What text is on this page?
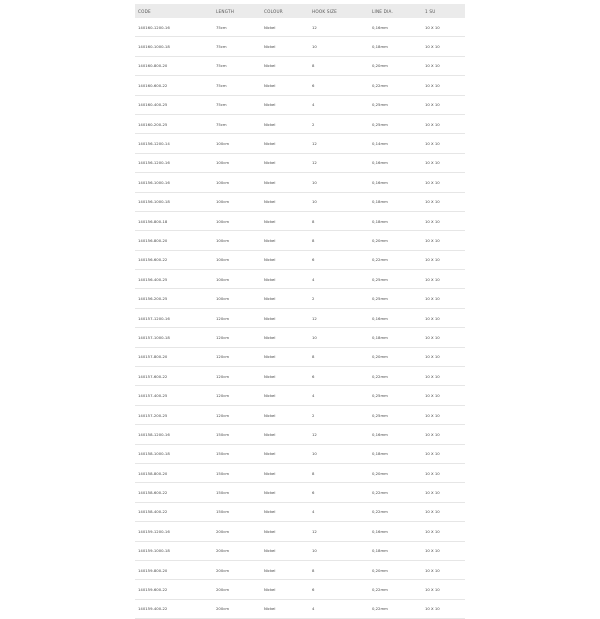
CODE	LENGTH	COLOUR	HOOK SIZE	LINE DIA.	1 SU
140160-1200-16	75cm	Nickel	12	0,16mm	10 X 10
140160-1000-18	75cm	Nickel	10	0,18mm	10 X 10
140160-800-20	75cm	Nickel	8	0,20mm	10 X 10
140160-600-22	75cm	Nickel	6	0,22mm	10 X 10
140160-400-25	75cm	Nickel	4	0,25mm	10 X 10
140160-200-25	75cm	Nickel	2	0,25mm	10 X 10
140156-1200-14	100cm	Nickel	12	0,14mm	10 X 10
140156-1200-16	100cm	Nickel	12	0,16mm	10 X 10
140156-1000-16	100cm	Nickel	10	0,16mm	10 X 10
140156-1000-18	100cm	Nickel	10	0,18mm	10 X 10
140156-800-18	100cm	Nickel	8	0,18mm	10 X 10
140156-800-20	100cm	Nickel	8	0,20mm	10 X 10
140156-600-22	100cm	Nickel	6	0,22mm	10 X 10
140156-400-25	100cm	Nickel	4	0,25mm	10 X 10
140156-200-25	100cm	Nickel	2	0,25mm	10 X 10
140157-1200-16	120cm	Nickel	12	0,16mm	10 X 10
140157-1000-18	120cm	Nickel	10	0,18mm	10 X 10
140157-800-20	120cm	Nickel	8	0,20mm	10 X 10
140157-600-22	120cm	Nickel	6	0,22mm	10 X 10
140157-400-25	120cm	Nickel	4	0,25mm	10 X 10
140157-200-25	120cm	Nickel	2	0,25mm	10 X 10
140158-1200-16	150cm	Nickel	12	0,16mm	10 X 10
140158-1000-18	150cm	Nickel	10	0,18mm	10 X 10
140158-800-20	150cm	Nickel	8	0,20mm	10 X 10
140158-600-22	150cm	Nickel	6	0,22mm	10 X 10
140158-400-22	150cm	Nickel	4	0,22mm	10 X 10
140159-1200-16	200cm	Nickel	12	0,16mm	10 X 10
140159-1000-18	200cm	Nickel	10	0,18mm	10 X 10
140159-800-20	200cm	Nickel	8	0,20mm	10 X 10
140159-600-22	200cm	Nickel	6	0,22mm	10 X 10
140159-400-22	200cm	Nickel	4	0,22mm	10 X 10
